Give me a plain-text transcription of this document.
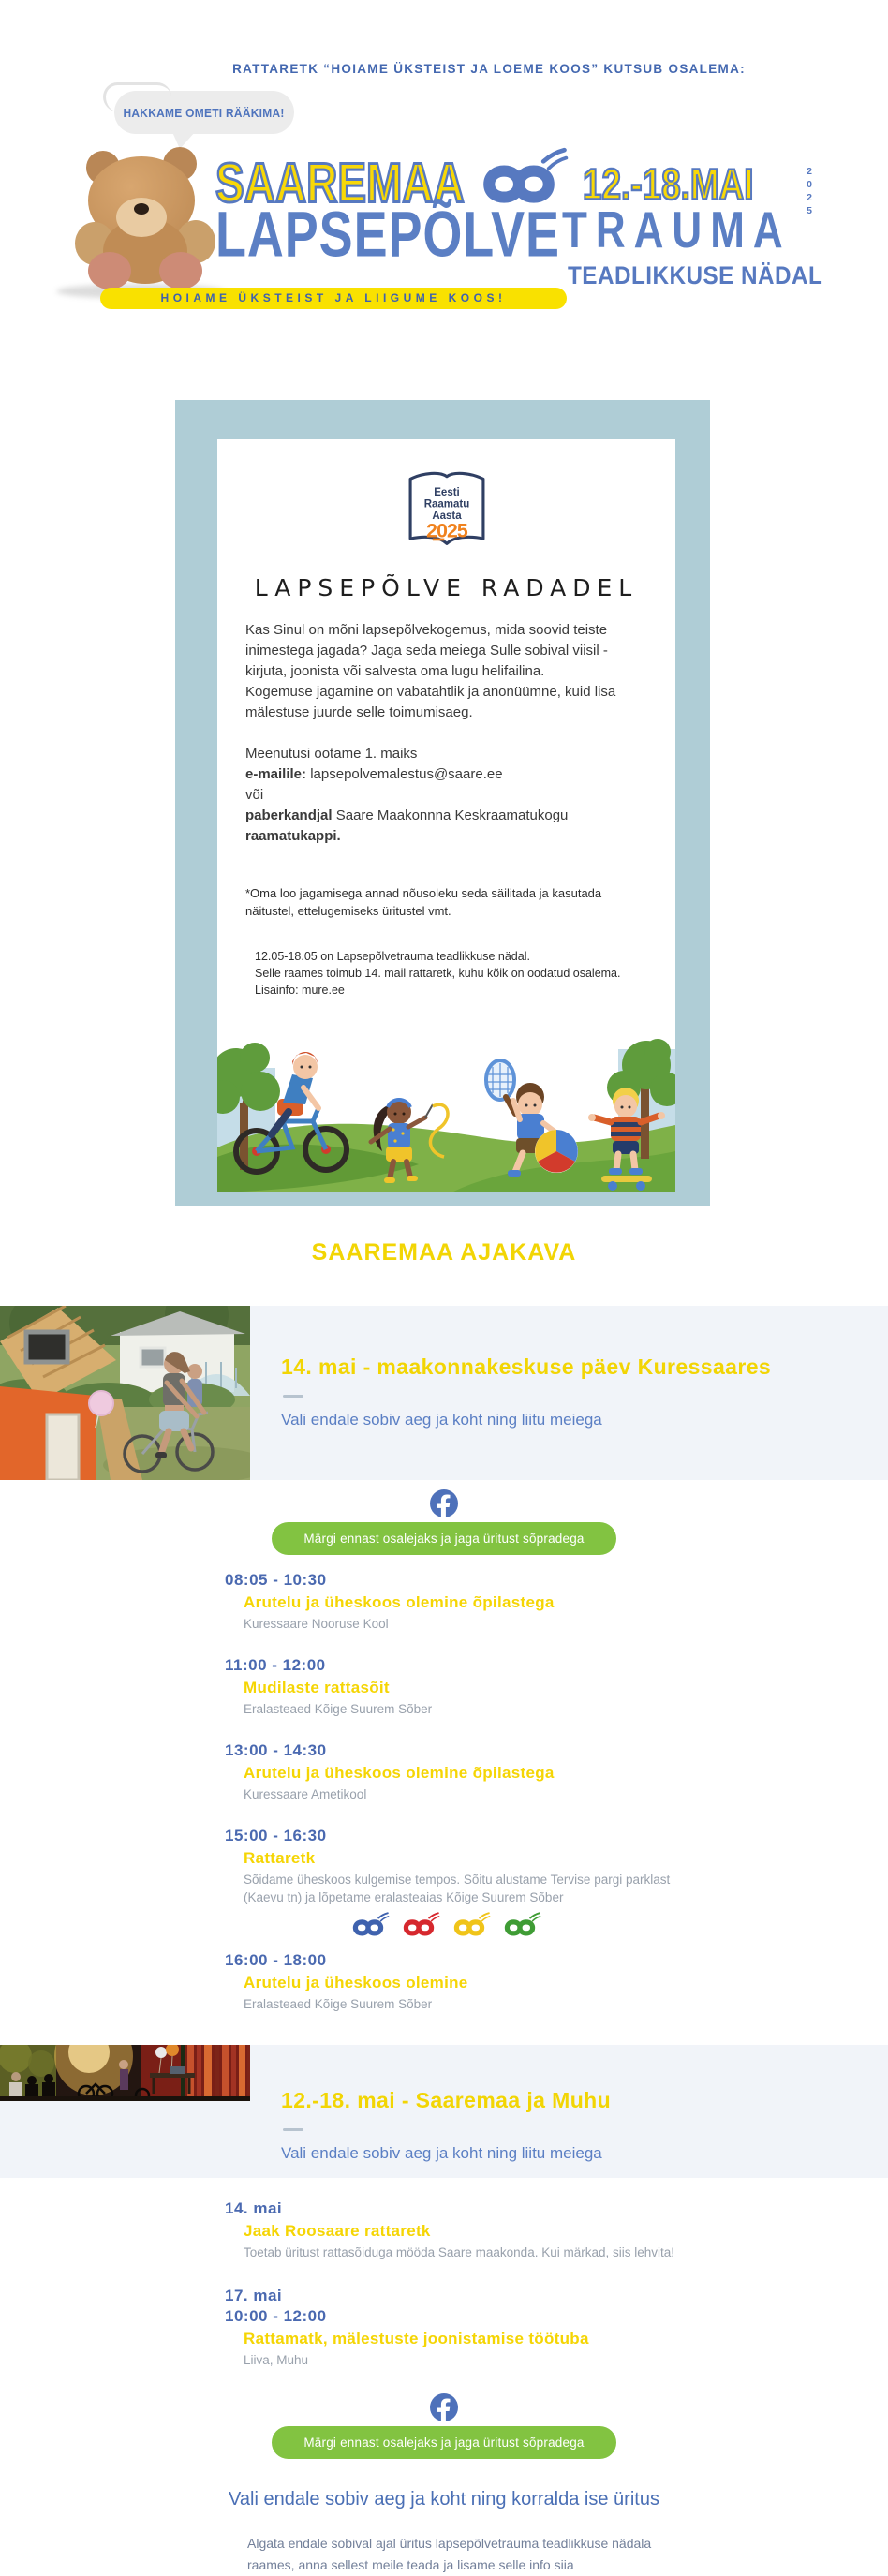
RATTARETK “HOIAME ÜKSTEIST JA LOEME KOOS” KUTSUB OSALEMA:
HAKKAME OMETI RÄÄKIMA!
SAAREMAA	12.-18.MAI	2025
LAPSEPÕLVE TRAUMA
TEADLIKKUSE NÄDAL
HOIAME ÜKSTEIST JA LIIGUME KOOS!
Eesti
Raamatu
Aasta
2025
LAPSEPÕLVE RADADEL

Kas Sinul on mõni lapsepõlvekogemus, mida soovid teiste inimestega jagada? Jaga seda meiega Sulle sobival viisil - kirjuta, joonista või salvesta oma lugu helifailina.

Kogemuse jagamine on vabatahtlik ja anonüümne, kuid lisa mälestuse juurde selle toimumisaeg.

Meenutusi ootame 1. maiks
e-mailile: lapsepolvemalestus@saare.ee
või
paberkandjal Saare Maakonnna Keskraamatukogu raamatukappi.

*Oma loo jagamisega annad nõusoleku seda säilitada ja kasutada näitustel, ettelugemiseks üritustel vmt.

12.05-18.05 on Lapsepõlvetrauma teadlikkuse nädal.
Selle raames toimub 14. mail rattaretk, kuhu kõik on oodatud osalema.
Lisainfo: mure.ee

SAAREMAA AJAKAVA
14. mai - maakonnakeskuse päev Kuressaares
Vali endale sobiv aeg ja koht ning liitu meiega
Märgi ennast osalejaks ja jaga üritust sõpradega
08:05 - 10:30
Arutelu ja üheskoos olemine õpilastega
Kuressaare Nooruse Kool
11:00 - 12:00
Mudilaste rattasõit
Eralasteaed Kõige Suurem Sõber
13:00 - 14:30
Arutelu ja üheskoos olemine õpilastega
Kuressaare Ametikool
15:00 - 16:30
Rattaretk
Sõidame üheskoos kulgemise tempos. Sõitu alustame Tervise pargi parklast (Kaevu tn) ja lõpetame eralasteaias Kõige Suurem Sõber
16:00 - 18:00
Arutelu ja üheskoos olemine
Eralasteaed Kõige Suurem Sõber
12.-18. mai - Saaremaa ja Muhu
Vali endale sobiv aeg ja koht ning liitu meiega
14. mai
Jaak Roosaare rattaretk
Toetab üritust rattasõiduga mööda Saare maakonda. Kui märkad, siis lehvita!
17. mai
10:00 - 12:00
Rattamatk, mälestuste joonistamise töötuba
Liiva, Muhu
Märgi ennast osalejaks ja jaga üritust sõpradega
Vali endale sobiv aeg ja koht ning korralda ise üritus
Algata endale sobival ajal üritus lapsepõlvetrauma teadlikkuse nädala raames, anna sellest meile teada ja lisame selle info siia
